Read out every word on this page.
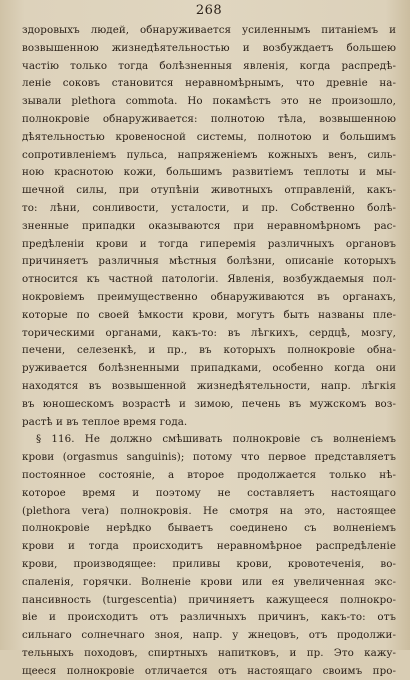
268
здоровыхъ людей, обнаруживается усиленнымъ питанiемъ и
возвышенною жизнедѣятельностью и возбуждаетъ большею
частiю только тогда болѣзненныя явленiя, когда распредѣ-
ленiе соковъ становится неравномѣрнымъ, что древнiе на-
зывали plethora commota. Но покамѣстъ это не произошло,
полнокровiе обнаруживается: полнотою тѣла, возвышенною
дѣятельностью кровеносной системы, полнотою и большимъ
сопротивленiемъ пульса, напряженiемъ кожныхъ венъ, силь-
ною краснотою кожи, большимъ развитiемъ теплоты и мы-
шечной силы, при отупѣнiи животныхъ отправленiй, какъ-
то: лѣни, сонливости, усталости, и пр. Собственно болѣ-
зненные припадки оказываются при неравномѣрномъ рас-
предѣленiи крови и тогда гиперемiя различныхъ органовъ
причиняетъ различныя мѣстныя болѣзни, описанiе которыхъ
относится къ частной патологiи. Явленiя, возбуждаемыя пол-
нокровiемъ преимущественно обнаруживаются въ органахъ,
которые по своей ѣмкости крови, могутъ быть названы пле-
торическими органами, какъ-то: въ лѣгкихъ, сердцѣ, мозгу,
печени, селезенкѣ, и пр., въ которыхъ полнокровiе обна-
руживается болѣзненными припадками, особенно когда они
находятся въ возвышенной жизнедѣятельности, напр. лѣгкiя
въ юношескомъ возрастѣ и зимою, печень въ мужскомъ воз-
растѣ и въ теплое время года.
§ 116. Не должно смѣшивать полнокровiе съ волненiемъ
крови (orgasmus sanguinis); потому что первое представляетъ
постоянное состоянiе, а второе продолжается только нѣ-
которое время и поэтому не составляетъ настоящаго
(plethora vera) полнокровiя. Не смотря на это, настоящее
полнокровiе нерѣдко бываетъ соединено съ волненiемъ
крови и тогда происходитъ неравномѣрное распредѣленiе
крови, производящее: приливы крови, кровотеченiя, во-
спаленiя, горячки. Волненiе крови или ея увеличенная экс-
пансивность (turgescentia) причиняетъ кажущееся полнокро-
вiе и происходитъ отъ различныхъ причинъ, какъ-то: отъ
сильнаго солнечнаго зноя, напр. у жнецовъ, отъ продолжи-
тельныхъ походовъ, спиртныхъ напитковъ, и пр. Это кажу-
щееся полнокровiе отличается отъ настоящаго своимъ про-
